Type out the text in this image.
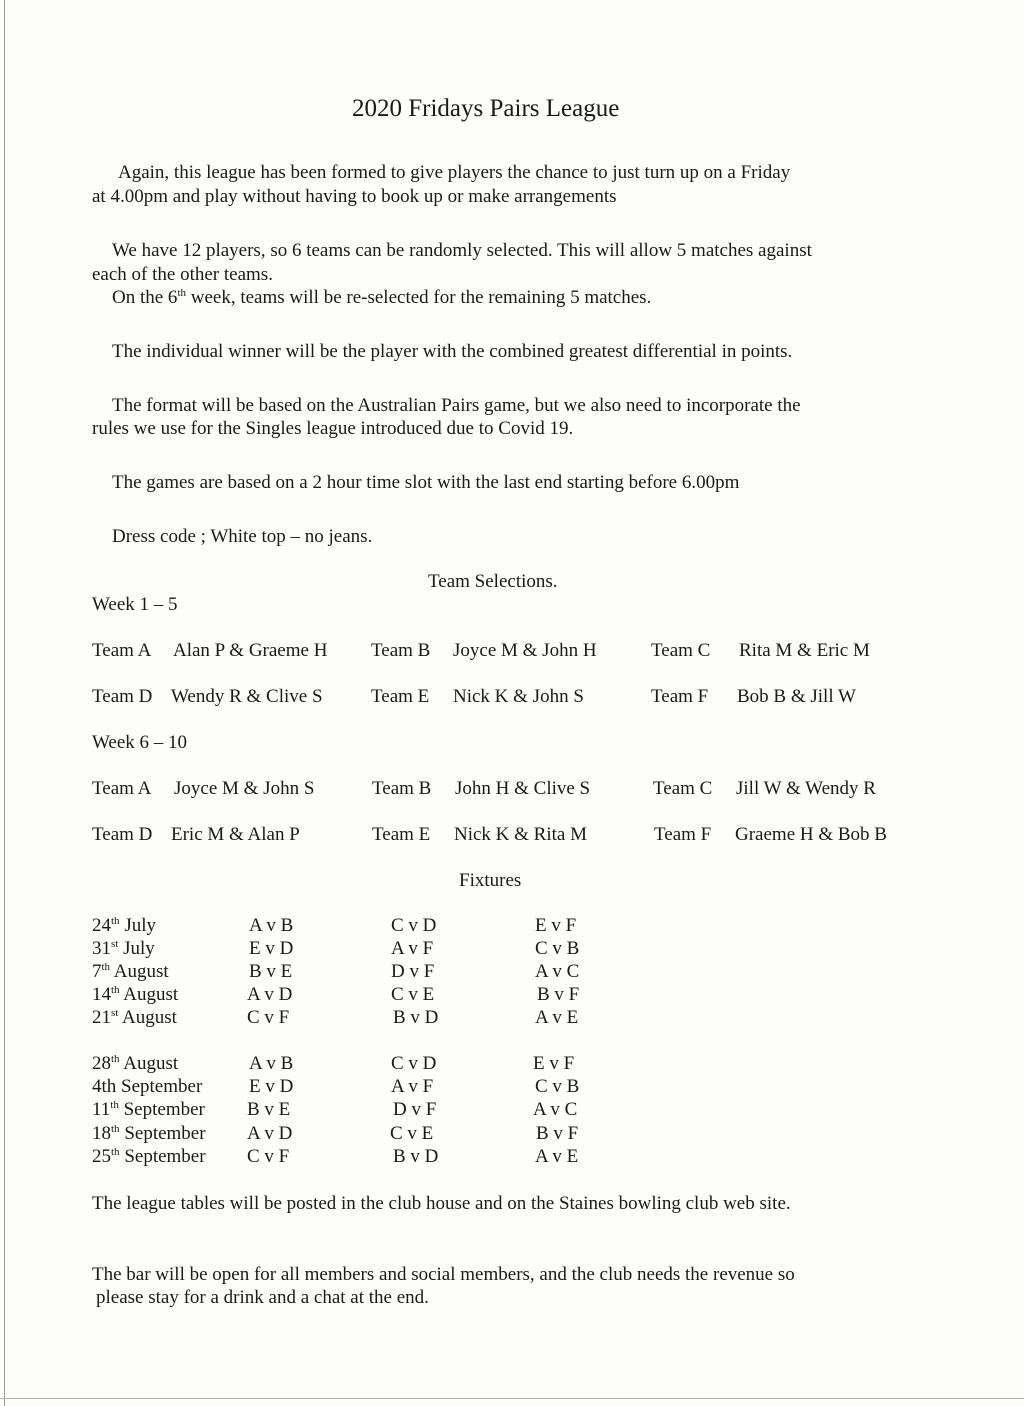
2020 Fridays Pairs League
Again, this league has been formed to give players the chance to just turn up on a Friday
at 4.00pm and play without having to book up or make arrangements
We have 12 players, so 6 teams can be randomly selected. This will allow 5 matches against
each of the other teams.
On the 6th week, teams will be re-selected for the remaining 5 matches.
The individual winner will be the player with the combined greatest differential in points.
The format will be based on the Australian Pairs game, but we also need to incorporate the
rules we use for the Singles league introduced due to Covid 19.
The games are based on a 2 hour time slot with the last end starting before 6.00pm
Dress code ; White top – no jeans.
Team Selections.
Week 1 – 5
Team A Alan P & Graeme H Team B Joyce M & John H	Team C Rita M & Eric M
Team D Wendy R & Clive S	Team E Nick K & John S	Team F Bob B & Jill W
Week 6 – 10
Team A Joyce M & John S	Team B John H & Clive S	Team C Jill W & Wendy R
Team D Eric M & Alan P	Team E Nick K & Rita M	Team F Graeme H & Bob B
Fixtures
24th July	A v B	C v D	E v F
31st July	E v D	A v F	C v B
7th August	B v E	D v F	A v C
14th August	A v D	C v E	B v F
21st August	C v F	B v D	A v E
28th August	A v B	C v D	E v F
4th September E v D	A v F	C v B
11th September B v E	D v F	A v C
18th September A v D	C v E	B v F
25th September C v F	B v D	A v E
The league tables will be posted in the club house and on the Staines bowling club web site.
The bar will be open for all members and social members, and the club needs the revenue so
please stay for a drink and a chat at the end.
